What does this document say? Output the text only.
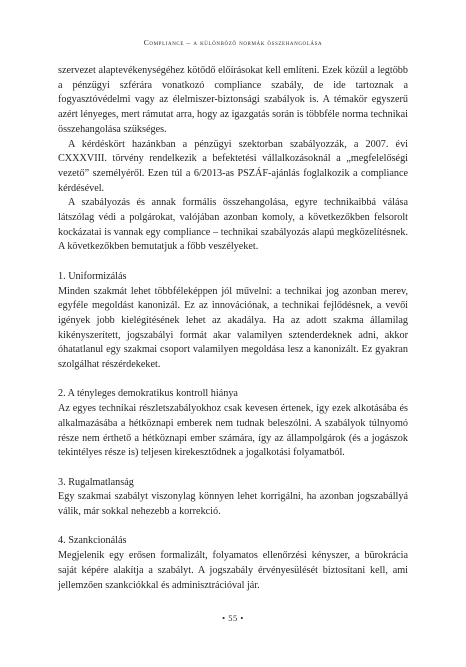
Compliance – a különböző normák összehangolása

szervezet alaptevékenységéhez kötődő előírásokat kell említeni. Ezek közül a legtöbb a pénzügyi szférára vonatkozó compliance szabály, de ide tartoznak a fogyasztóvédelmi vagy az élelmiszer-biztonsági szabályok is. A témakör egyszerű azért lényeges, mert rámutat arra, hogy az igazgatás során is többféle norma technikai összehangolása szükséges.

A kérdéskört hazánkban a pénzügyi szektorban szabályozzák, a 2007. évi CXXXVIII. törvény rendelkezik a befektetési vállalkozásoknál a „megfelelőségi vezető” személyéről. Ezen túl a 6/2013-as PSZÁF-ajánlás foglalkozik a compliance kérdésével.

A szabályozás és annak formális összehangolása, egyre technikaibbá válása látszólag védi a polgárokat, valójában azonban komoly, a következőkben felsorolt kockázatai is vannak egy compliance – technikai szabályozás alapú megközelítésnek. A következőkben bemutatjuk a főbb veszélyeket.

1. Uniformizálás

Minden szakmát lehet többféleképpen jól művelni: a technikai jog azonban merev, egyféle megoldást kanonizál. Ez az innovációnak, a technikai fejlődésnek, a vevői igények jobb kielégítésének lehet az akadálya. Ha az adott szakma államilag kikényszerített, jogszabályi formát akar valamilyen sztenderdeknek adni, akkor óhatatlanul egy szakmai csoport valamilyen megoldása lesz a kanonizált. Ez gyakran szolgálhat részérdekeket.

2. A tényleges demokratikus kontroll hiánya

Az egyes technikai részletszabályokhoz csak kevesen értenek, így ezek alkotásába és alkalmazásába a hétköznapi emberek nem tudnak beleszólni. A szabályok túlnyomó része nem érthető a hétköznapi ember számára, így az állampolgárok (és a jogászok tekintélyes része is) teljesen kirekesztődnek a jogalkotási folyamatból.

3. Rugalmatlanság

Egy szakmai szabályt viszonylag könnyen lehet korrigálni, ha azonban jogszabállyá válik, már sokkal nehezebb a korrekció.

4. Szankcionálás

Megjelenik egy erősen formalizált, folyamatos ellenőrzési kényszer, a bürokrácia saját képére alakítja a szabályt. A jogszabály érvényesülését biztosítani kell, ami jellemzően szankciókkal és adminisztrációval jár.

• 55 •
